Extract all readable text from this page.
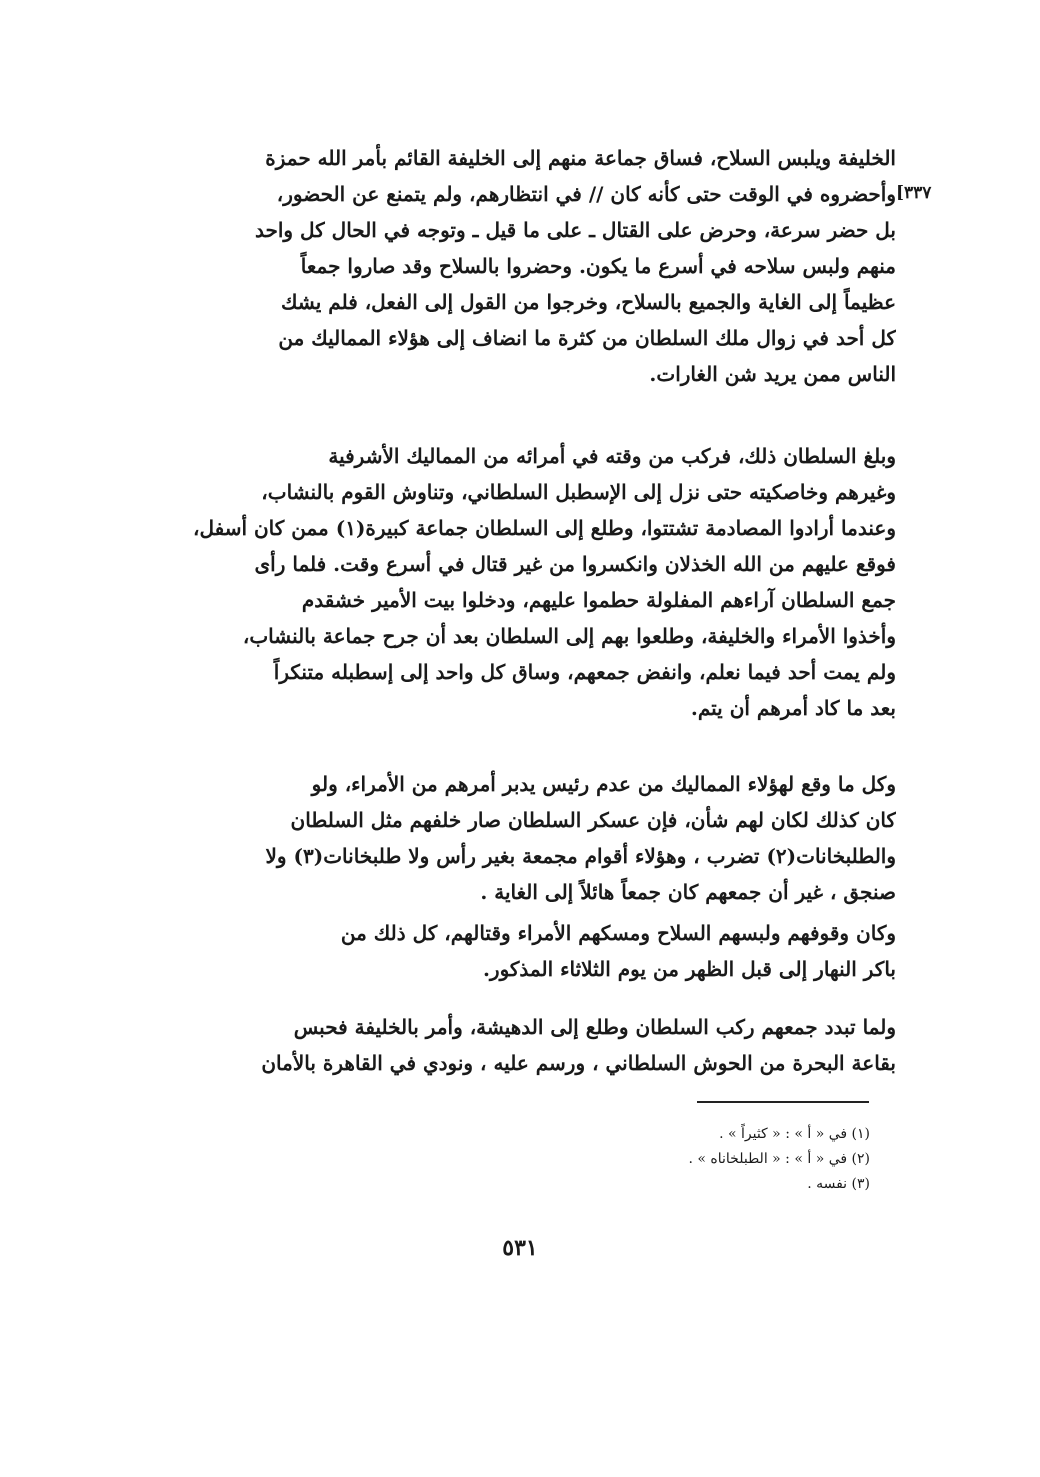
الخليفة ويلبس السلاح، فساق جماعة منهم إلى الخليفة القائم بأمر الله حمزة
وأحضروه في الوقت حتى كأنه كان // في انتظارهم، ولم يتمنع عن الحضور،
بل حضر سرعة، وحرض على القتال ـ على ما قيل ـ وتوجه في الحال كل واحد
منهم ولبس سلاحه في أسرع ما يكون. وحضروا بالسلاح وقد صاروا جمعاً
عظيماً إلى الغاية والجميع بالسلاح، وخرجوا من القول إلى الفعل، فلم يشك
كل أحد في زوال ملك السلطان من كثرة ما انضاف إلى هؤلاء المماليك من
الناس ممن يريد شن الغارات.
[٣٣٧
وبلغ السلطان ذلك، فركب من وقته في أمرائه من المماليك الأشرفية
وغيرهم وخاصكيته حتى نزل إلى الإسطبل السلطاني، وتناوش القوم بالنشاب،
وعندما أرادوا المصادمة تشتتوا، وطلع إلى السلطان جماعة كبيرة(١) ممن كان أسفل،
فوقع عليهم من الله الخذلان وانكسروا من غير قتال في أسرع وقت. فلما رأى
جمع السلطان آراءهم المفلولة حطموا عليهم، ودخلوا بيت الأمير خشقدم
وأخذوا الأمراء والخليفة، وطلعوا بهم إلى السلطان بعد أن جرح جماعة بالنشاب،
ولم يمت أحد فيما نعلم، وانفض جمعهم، وساق كل واحد إلى إسطبله متنكراً
بعد ما كاد أمرهم أن يتم.
وكل ما وقع لهؤلاء المماليك من عدم رئيس يدبر أمرهم من الأمراء، ولو
كان كذلك لكان لهم شأن، فإن عسكر السلطان صار خلفهم مثل السلطان
والطلبخانات(٢) تضرب ، وهؤلاء أقوام مجمعة بغير رأس ولا طلبخانات(٣) ولا
صنجق ، غير أن جمعهم كان جمعاً هائلاً إلى الغاية .
وكان وقوفهم ولبسهم السلاح ومسكهم الأمراء وقتالهم، كل ذلك من
باكر النهار إلى قبل الظهر من يوم الثلاثاء المذكور.
ولما تبدد جمعهم ركب السلطان وطلع إلى الدهيشة، وأمر بالخليفة فحبس
بقاعة البحرة من الحوش السلطاني ، ورسم عليه ، ونودي في القاهرة بالأمان
(١) في « أ » : « كثيراً » .
(٢) في « أ » : « الطبلخاناه » .
(٣) نفسه .
٥٣١
